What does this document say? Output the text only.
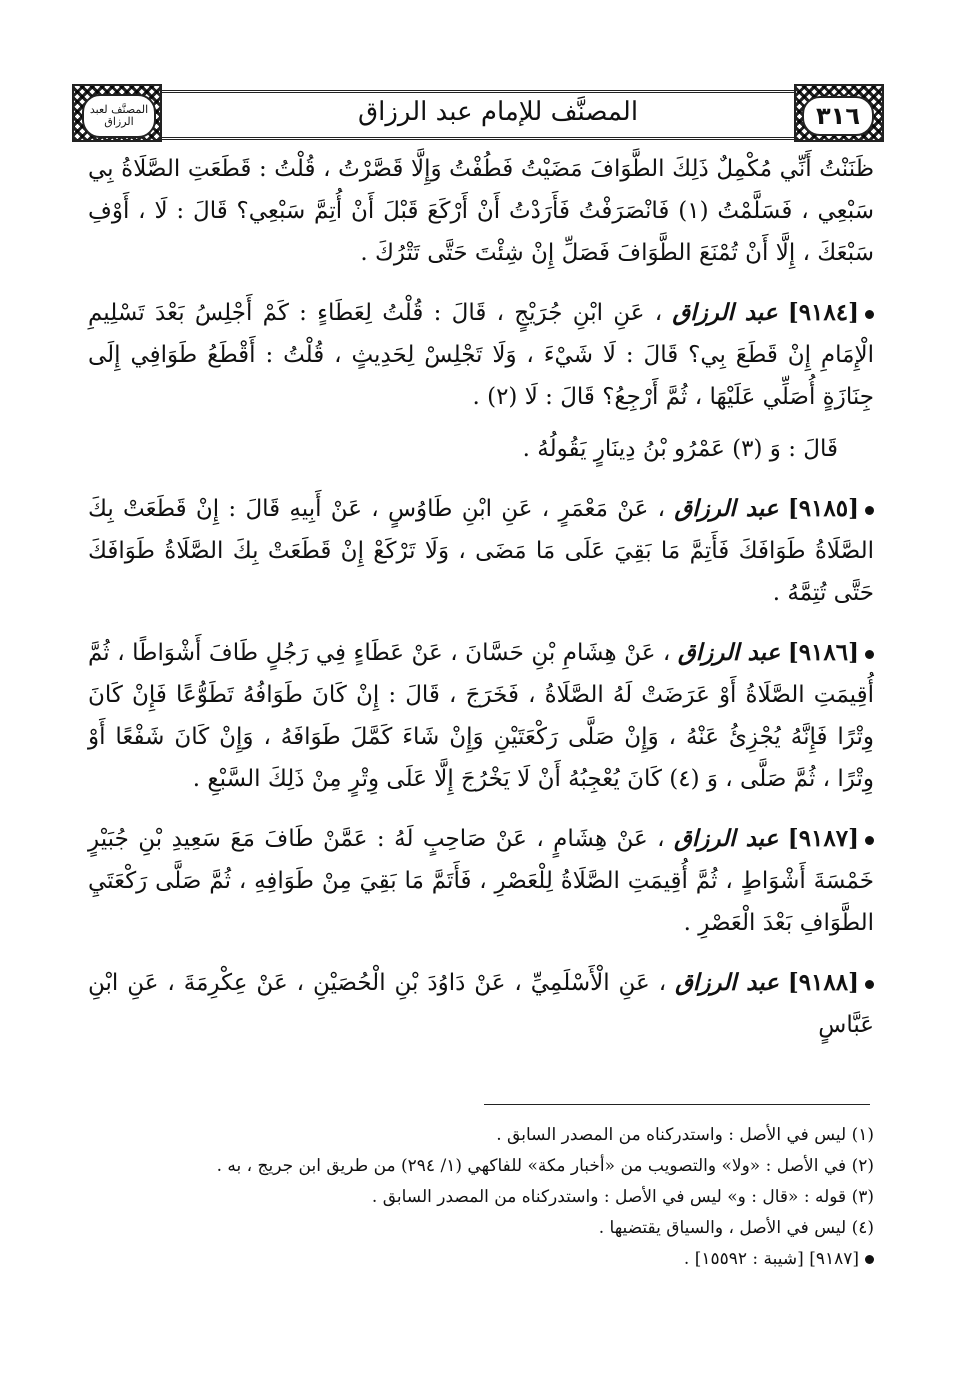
المصنَّف لعبد الرزاق	٣١٦
المصنَّف للإمام عبد الرزاق

ظَنَنْتُ أَنِّي مُكْمِلٌ ذَلِكَ الطَّوَافَ مَضَيْتُ فَطُفْتُ وَإِلَّا قَصَّرْتُ ، قُلْتُ : قَطَعَتِ الصَّلَاةُ بِي سَبْعِي ، فَسَلَّمْتُ (١) فَانْصَرَفْتُ فَأَرَدْتُ أَنْ أَرْكَعَ قَبْلَ أَنْ أُتِمَّ سَبْعِي؟ قَالَ : لَا ، أَوْفِ سَبْعَكَ ، إِلَّا أَنْ تُمْنَعَ الطَّوَافَ فَصَلِّ إِنْ شِئْتَ حَتَّى تَتْرُكَ .

[٩١٨٤] عبد الرزاق ، عَنِ ابْنِ جُرَيْجٍ ، قَالَ : قُلْتُ لِعَطَاءٍ : كَمْ أَجْلِسُ بَعْدَ تَسْلِيمِ الْإِمَامِ إِنْ قَطَعَ بِي؟ قَالَ : لَا شَيْءَ ، وَلَا تَجْلِسْ لِحَدِيثٍ ، قُلْتُ : أَقْطَعُ طَوَافِي إِلَى جِنَازَةٍ أُصَلِّي عَلَيْهَا ، ثُمَّ أَرْجِعُ؟ قَالَ : لَا (٢) .

قَالَ : وَ (٣) عَمْرُو بْنُ دِينَارٍ يَقُولُهُ .

[٩١٨٥] عبد الرزاق ، عَنْ مَعْمَرٍ ، عَنِ ابْنِ طَاوُسٍ ، عَنْ أَبِيهِ قَالَ : إِنْ قَطَعَتْ بِكَ الصَّلَاةُ طَوَافَكَ فَأَتِمَّ مَا بَقِيَ عَلَى مَا مَضَى ، وَلَا تَرْكَعْ إِنْ قَطَعَتْ بِكَ الصَّلَاةُ طَوَافَكَ حَتَّى تُتِمَّهُ .

[٩١٨٦] عبد الرزاق ، عَنْ هِشَامِ بْنِ حَسَّانَ ، عَنْ عَطَاءٍ فِي رَجُلٍ طَافَ أَشْوَاطًا ، ثُمَّ أُقِيمَتِ الصَّلَاةُ أَوْ عَرَضَتْ لَهُ الصَّلَاةُ ، فَخَرَجَ ، قَالَ : إِنْ كَانَ طَوَافُهُ تَطَوُّعًا فَإِنْ كَانَ وِتْرًا فَإِنَّهُ يُجْزِئُ عَنْهُ ، وَإِنْ صَلَّى رَكْعَتَيْنِ وَإِنْ شَاءَ كَمَّلَ طَوَافَهُ ، وَإِنْ كَانَ شَفْعًا أَوْ وِتْرًا ، ثُمَّ صَلَّى ، وَ (٤) كَانَ يُعْجِبُهُ أَنْ لَا يَخْرُجَ إِلَّا عَلَى وِتْرٍ مِنْ ذَلِكَ السَّبْعِ .

[٩١٨٧] عبد الرزاق ، عَنْ هِشَامٍ ، عَنْ صَاحِبٍ لَهُ : عَمَّنْ طَافَ مَعَ سَعِيدِ بْنِ جُبَيْرٍ خَمْسَةَ أَشْوَاطٍ ، ثُمَّ أُقِيمَتِ الصَّلَاةُ لِلْعَصْرِ ، فَأَتَمَّ مَا بَقِيَ مِنْ طَوَافِهِ ، ثُمَّ صَلَّى رَكْعَتَيِ الطَّوَافِ بَعْدَ الْعَصْرِ .

[٩١٨٨] عبد الرزاق ، عَنِ الْأَسْلَمِيِّ ، عَنْ دَاوُدَ بْنِ الْحُصَيْنِ ، عَنْ عِكْرِمَةَ ، عَنِ ابْنِ عَبَّاسٍ

(١) ليس في الأصل : واستدركناه من المصدر السابق .
(٢) في الأصل : «ولا» والتصويب من «أخبار مكة» للفاكهي (١/ ٢٩٤) من طريق ابن جريج ، به .
(٣) قوله : «قال : و» ليس في الأصل : واستدركناه من المصدر السابق .
(٤) ليس في الأصل ، والسياق يقتضيها .
[٩١٨٧] [شيبة : ١٥٥٩٢] .
